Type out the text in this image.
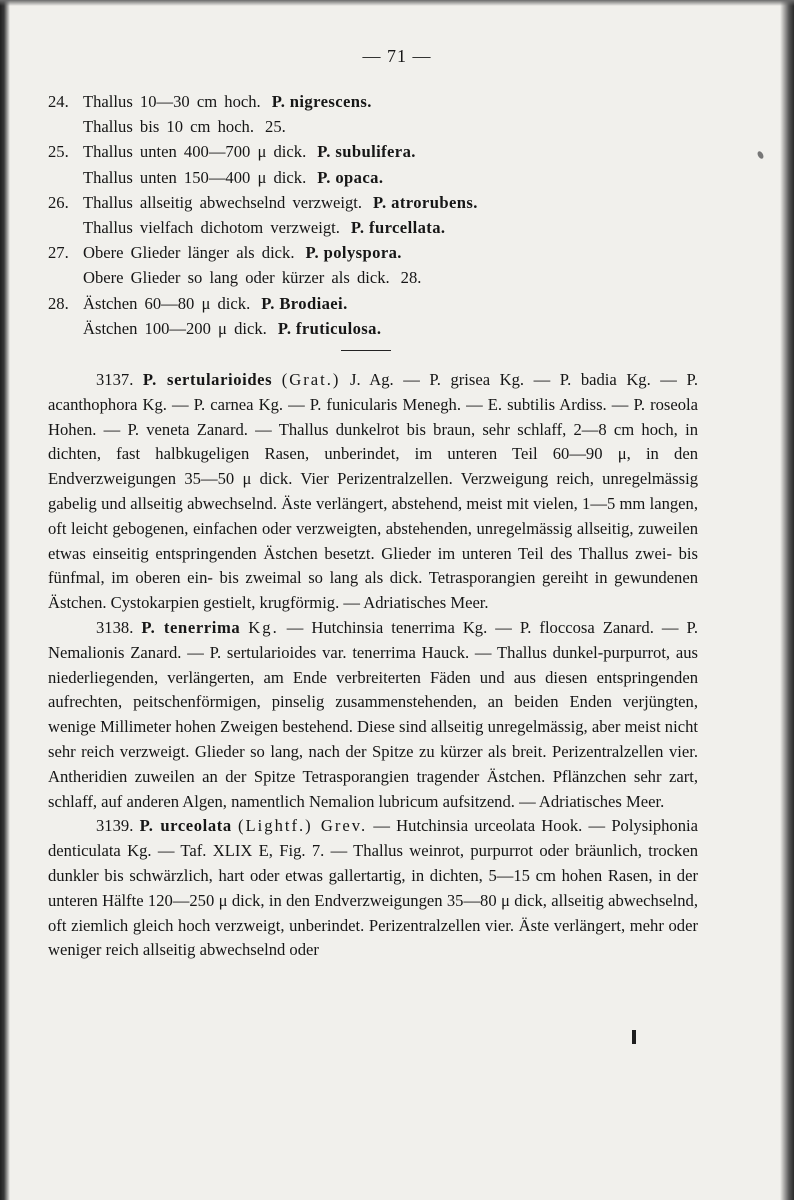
— 71 —
24. Thallus 10—30 cm hoch. P. nigrescens.
Thallus bis 10 cm hoch. 25.
25. Thallus unten 400—700 μ dick. P. subulifera.
Thallus unten 150—400 μ dick. P. opaca.
26. Thallus allseitig abwechselnd verzweigt. P. atrorubens.
Thallus vielfach dichotom verzweigt. P. furcellata.
27. Obere Glieder länger als dick. P. polyspora.
Obere Glieder so lang oder kürzer als dick. 28.
28. Ästchen 60—80 μ dick. P. Brodiaei.
Ästchen 100—200 μ dick. P. fruticulosa.

3137. P. sertularioides (Grat.) J. Ag. — P. grisea Kg. — P. badia Kg. — P. acanthophora Kg. — P. carnea Kg. — P. funicularis Menegh. — E. subtilis Ardiss. — P. roseola Hohen. — P. veneta Zanard. — Thallus dunkelrot bis braun, sehr schlaff, 2—8 cm hoch, in dichten, fast halbkugeligen Rasen, unberindet, im unteren Teil 60—90 μ, in den Endverzweigungen 35—50 μ dick. Vier Perizentralzellen. Verzweigung reich, unregelmässig gabelig und allseitig abwechselnd. Äste verlängert, abstehend, meist mit vielen, 1—5 mm langen, oft leicht gebogenen, einfachen oder verzweigten, abstehenden, unregelmässig allseitig, zuweilen etwas einseitig entspringenden Ästchen besetzt. Glieder im unteren Teil des Thallus zwei- bis fünfmal, im oberen ein- bis zweimal so lang als dick. Tetrasporangien gereiht in gewundenen Ästchen. Cystokarpien gestielt, krugförmig. — Adriatisches Meer.

3138. P. tenerrima Kg. — Hutchinsia tenerrima Kg. — P. floccosa Zanard. — P. Nemalionis Zanard. — P. sertularioides var. tenerrima Hauck. — Thallus dunkel-purpurrot, aus niederliegenden, verlängerten, am Ende verbreiterten Fäden und aus diesen entspringenden aufrechten, peitschenförmigen, pinselig zusammenstehenden, an beiden Enden verjüngten, wenige Millimeter hohen Zweigen bestehend. Diese sind allseitig unregelmässig, aber meist nicht sehr reich verzweigt. Glieder so lang, nach der Spitze zu kürzer als breit. Perizentralzellen vier. Antheridien zuweilen an der Spitze Tetrasporangien tragender Ästchen. Pflänzchen sehr zart, schlaff, auf anderen Algen, namentlich Nemalion lubricum aufsitzend. — Adriatisches Meer.

3139. P. urceolata (Lightf.) Grev. — Hutchinsia urceolata Hook. — Polysiphonia denticulata Kg. — Taf. XLIX E, Fig. 7. — Thallus weinrot, purpurrot oder bräunlich, trocken dunkler bis schwärzlich, hart oder etwas gallertartig, in dichten, 5—15 cm hohen Rasen, in der unteren Hälfte 120—250 μ dick, in den Endverzweigungen 35—80 μ dick, allseitig abwechselnd, oft ziemlich gleich hoch verzweigt, unberindet. Perizentralzellen vier. Äste verlängert, mehr oder weniger reich allseitig abwechselnd oder
